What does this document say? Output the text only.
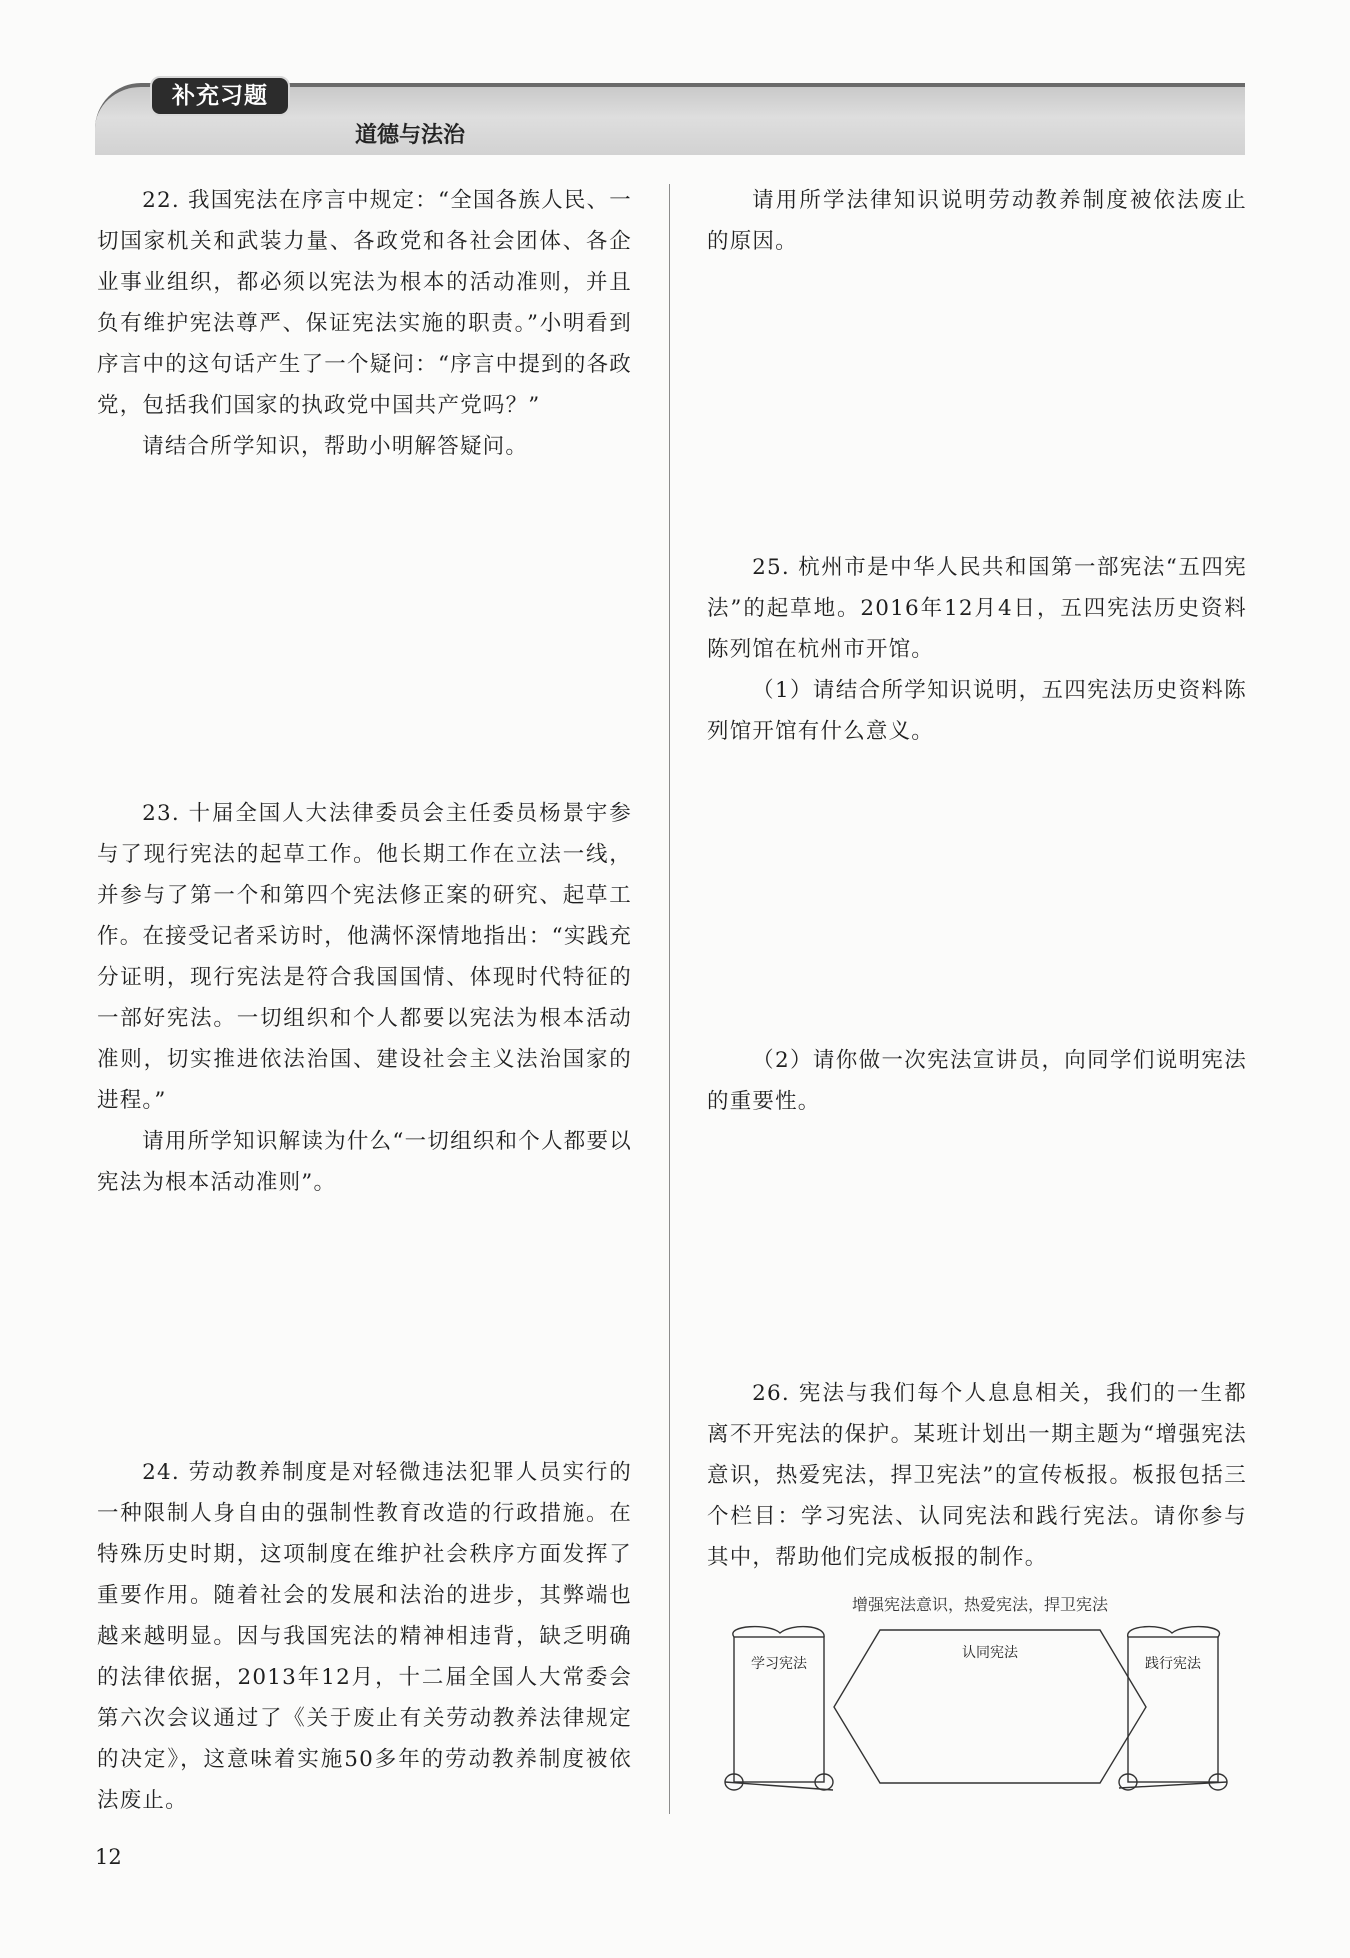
补充习题
道德与法治

22. 我国宪法在序言中规定：“全国各族人民、一切国家机关和武装力量、各政党和各社会团体、各企业事业组织，都必须以宪法为根本的活动准则，并且负有维护宪法尊严、保证宪法实施的职责。”小明看到序言中的这句话产生了一个疑问：“序言中提到的各政党，包括我们国家的执政党中国共产党吗？”

请结合所学知识，帮助小明解答疑问。

23. 十届全国人大法律委员会主任委员杨景宇参与了现行宪法的起草工作。他长期工作在立法一线，并参与了第一个和第四个宪法修正案的研究、起草工作。在接受记者采访时，他满怀深情地指出：“实践充分证明，现行宪法是符合我国国情、体现时代特征的一部好宪法。一切组织和个人都要以宪法为根本活动准则，切实推进依法治国、建设社会主义法治国家的进程。”

请用所学知识解读为什么“一切组织和个人都要以宪法为根本活动准则”。

24. 劳动教养制度是对轻微违法犯罪人员实行的一种限制人身自由的强制性教育改造的行政措施。在特殊历史时期，这项制度在维护社会秩序方面发挥了重要作用。随着社会的发展和法治的进步，其弊端也越来越明显。因与我国宪法的精神相违背，缺乏明确的法律依据，2013年12月，十二届全国人大常委会第六次会议通过了《关于废止有关劳动教养法律规定的决定》，这意味着实施50多年的劳动教养制度被依法废止。

请用所学法律知识说明劳动教养制度被依法废止的原因。

25. 杭州市是中华人民共和国第一部宪法“五四宪法”的起草地。2016年12月4日，五四宪法历史资料陈列馆在杭州市开馆。

（1）请结合所学知识说明，五四宪法历史资料陈列馆开馆有什么意义。

（2）请你做一次宪法宣讲员，向同学们说明宪法的重要性。

26. 宪法与我们每个人息息相关，我们的一生都离不开宪法的保护。某班计划出一期主题为“增强宪法意识，热爱宪法，捍卫宪法”的宣传板报。板报包括三个栏目：学习宪法、认同宪法和践行宪法。请你参与其中，帮助他们完成板报的制作。

增强宪法意识，热爱宪法，捍卫宪法
学习宪法
认同宪法
践行宪法
12
